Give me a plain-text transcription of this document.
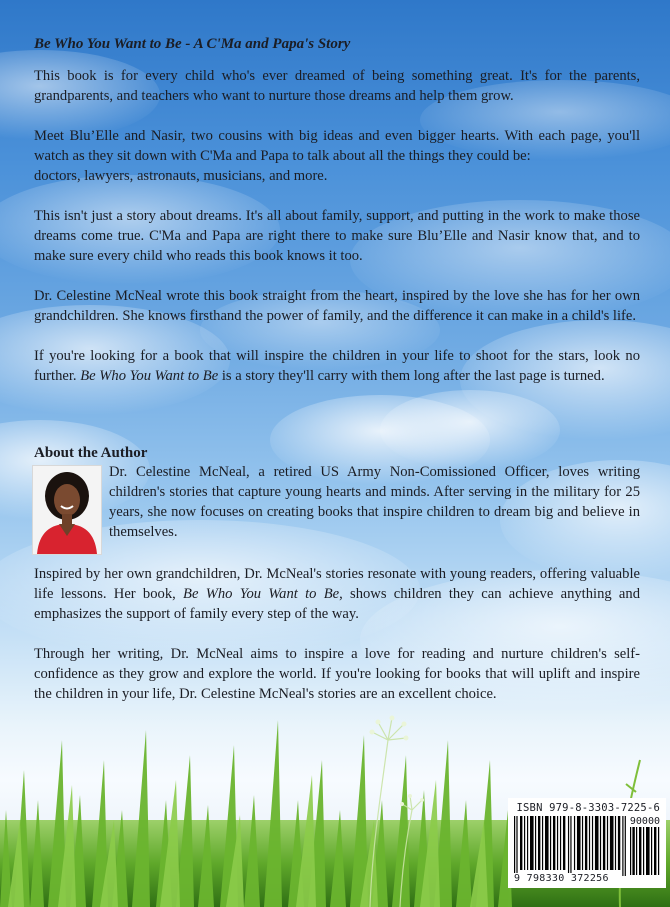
Be Who You Want to Be - A C'Ma and Papa's Story

This book is for every child who's ever dreamed of being something great. It's for the parents, grandparents, and teachers who want to nurture those dreams and help them grow.

Meet Blu’Elle and Nasir, two cousins with big ideas and even bigger hearts. With each page, you'll watch as they sit down with C'Ma and Papa to talk about all the things they could be:
doctors, lawyers, astronauts, musicians, and more.

This isn't just a story about dreams. It's all about family, support, and putting in the work to make those dreams come true. C'Ma and Papa are right there to make sure Blu’Elle and Nasir know that, and to make sure every child who reads this book knows it too.

Dr. Celestine McNeal wrote this book straight from the heart, inspired by the love she has for her own grandchildren. She knows firsthand the power of family, and the difference it can make in a child's life.

If you're looking for a book that will inspire the children in your life to shoot for the stars, look no further. Be Who You Want to Be is a story they'll carry with them long after the last page is turned.

About the Author
Dr. Celestine McNeal, a retired US Army Non-Comissioned Officer, loves writing children's stories that capture young hearts and minds. After serving in the military for 25 years, she now focuses on creating books that inspire children to dream big and believe in themselves.

Inspired by her own grandchildren, Dr. McNeal's stories resonate with young readers, offering valuable life lessons. Her book, Be Who You Want to Be, shows children they can achieve anything and emphasizes the support of family every step of the way.

Through her writing, Dr. McNeal aims to inspire a love for reading and nurture children's self-confidence as they grow and explore the world. If you're looking for books that will uplift and inspire the children in your life, Dr. Celestine McNeal's stories are an excellent choice.

ISBN 979-8-3303-7225-6
90000
9 798330 372256
